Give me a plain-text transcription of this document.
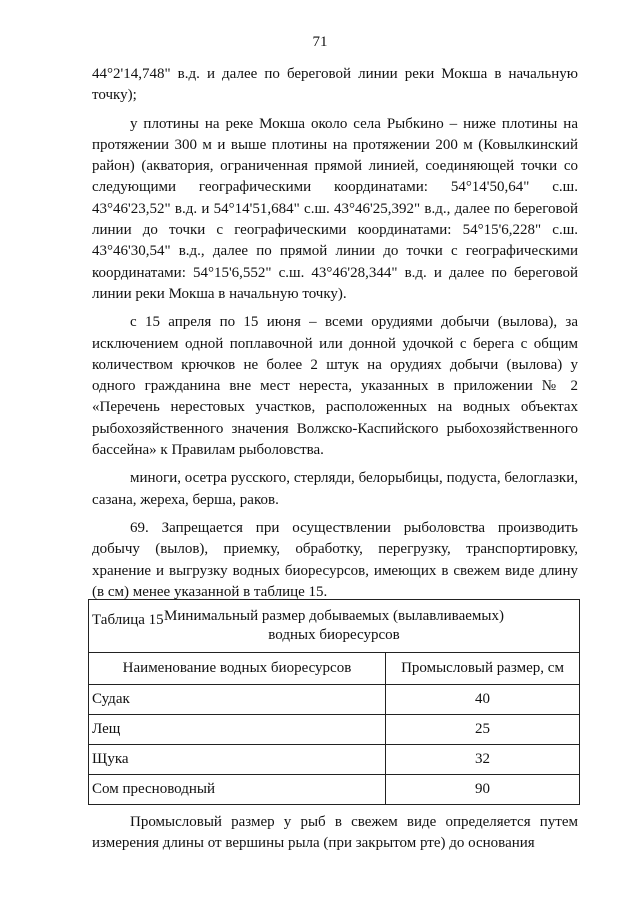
71

44°2'14,748" в.д. и далее по береговой линии реки Мокша в начальную точку);

у плотины на реке Мокша около села Рыбкино – ниже плотины на протяжении 300 м и выше плотины на протяжении 200 м (Ковылкинский район) (акватория, ограниченная прямой линией, соединяющей точки со следующими географическими координатами: 54°14'50,64" с.ш. 43°46'23,52" в.д. и 54°14'51,684" с.ш. 43°46'25,392" в.д., далее по береговой линии до точки с географическими координатами: 54°15'6,228" с.ш. 43°46'30,54" в.д., далее по прямой линии до точки с географическими координатами: 54°15'6,552" с.ш. 43°46'28,344" в.д. и далее по береговой линии реки Мокша в начальную точку).

с 15 апреля по 15 июня – всеми орудиями добычи (вылова), за исключением одной поплавочной или донной удочкой с берега с общим количеством крючков не более 2 штук на орудиях добычи (вылова) у одного гражданина вне мест нереста, указанных в приложении № 2 «Перечень нерестовых участков, расположенных на водных объектах рыбохозяйственного значения Волжско-Каспийского рыбохозяйственного бассейна» к Правилам рыболовства.

миноги, осетра русского, стерляди, белорыбицы, подуста, белоглазки, сазана, жереха, берша, раков.

69. Запрещается при осуществлении рыболовства производить добычу (вылов), приемку, обработку, перегрузку, транспортировку, хранение и выгрузку водных биоресурсов, имеющих в свежем виде длину (в см) менее указанной в таблице 15.

Таблица 15 Минимальный размер добываемых (вылавливаемых)
водных биоресурсов	
Наименование водных биоресурсов	Промысловый размер, см
Судак	40
Лещ	25
Щука	32
Сом пресноводный	90

Промысловый размер у рыб в свежем виде определяется путем измерения длины от вершины рыла (при закрытом рте) до основания
